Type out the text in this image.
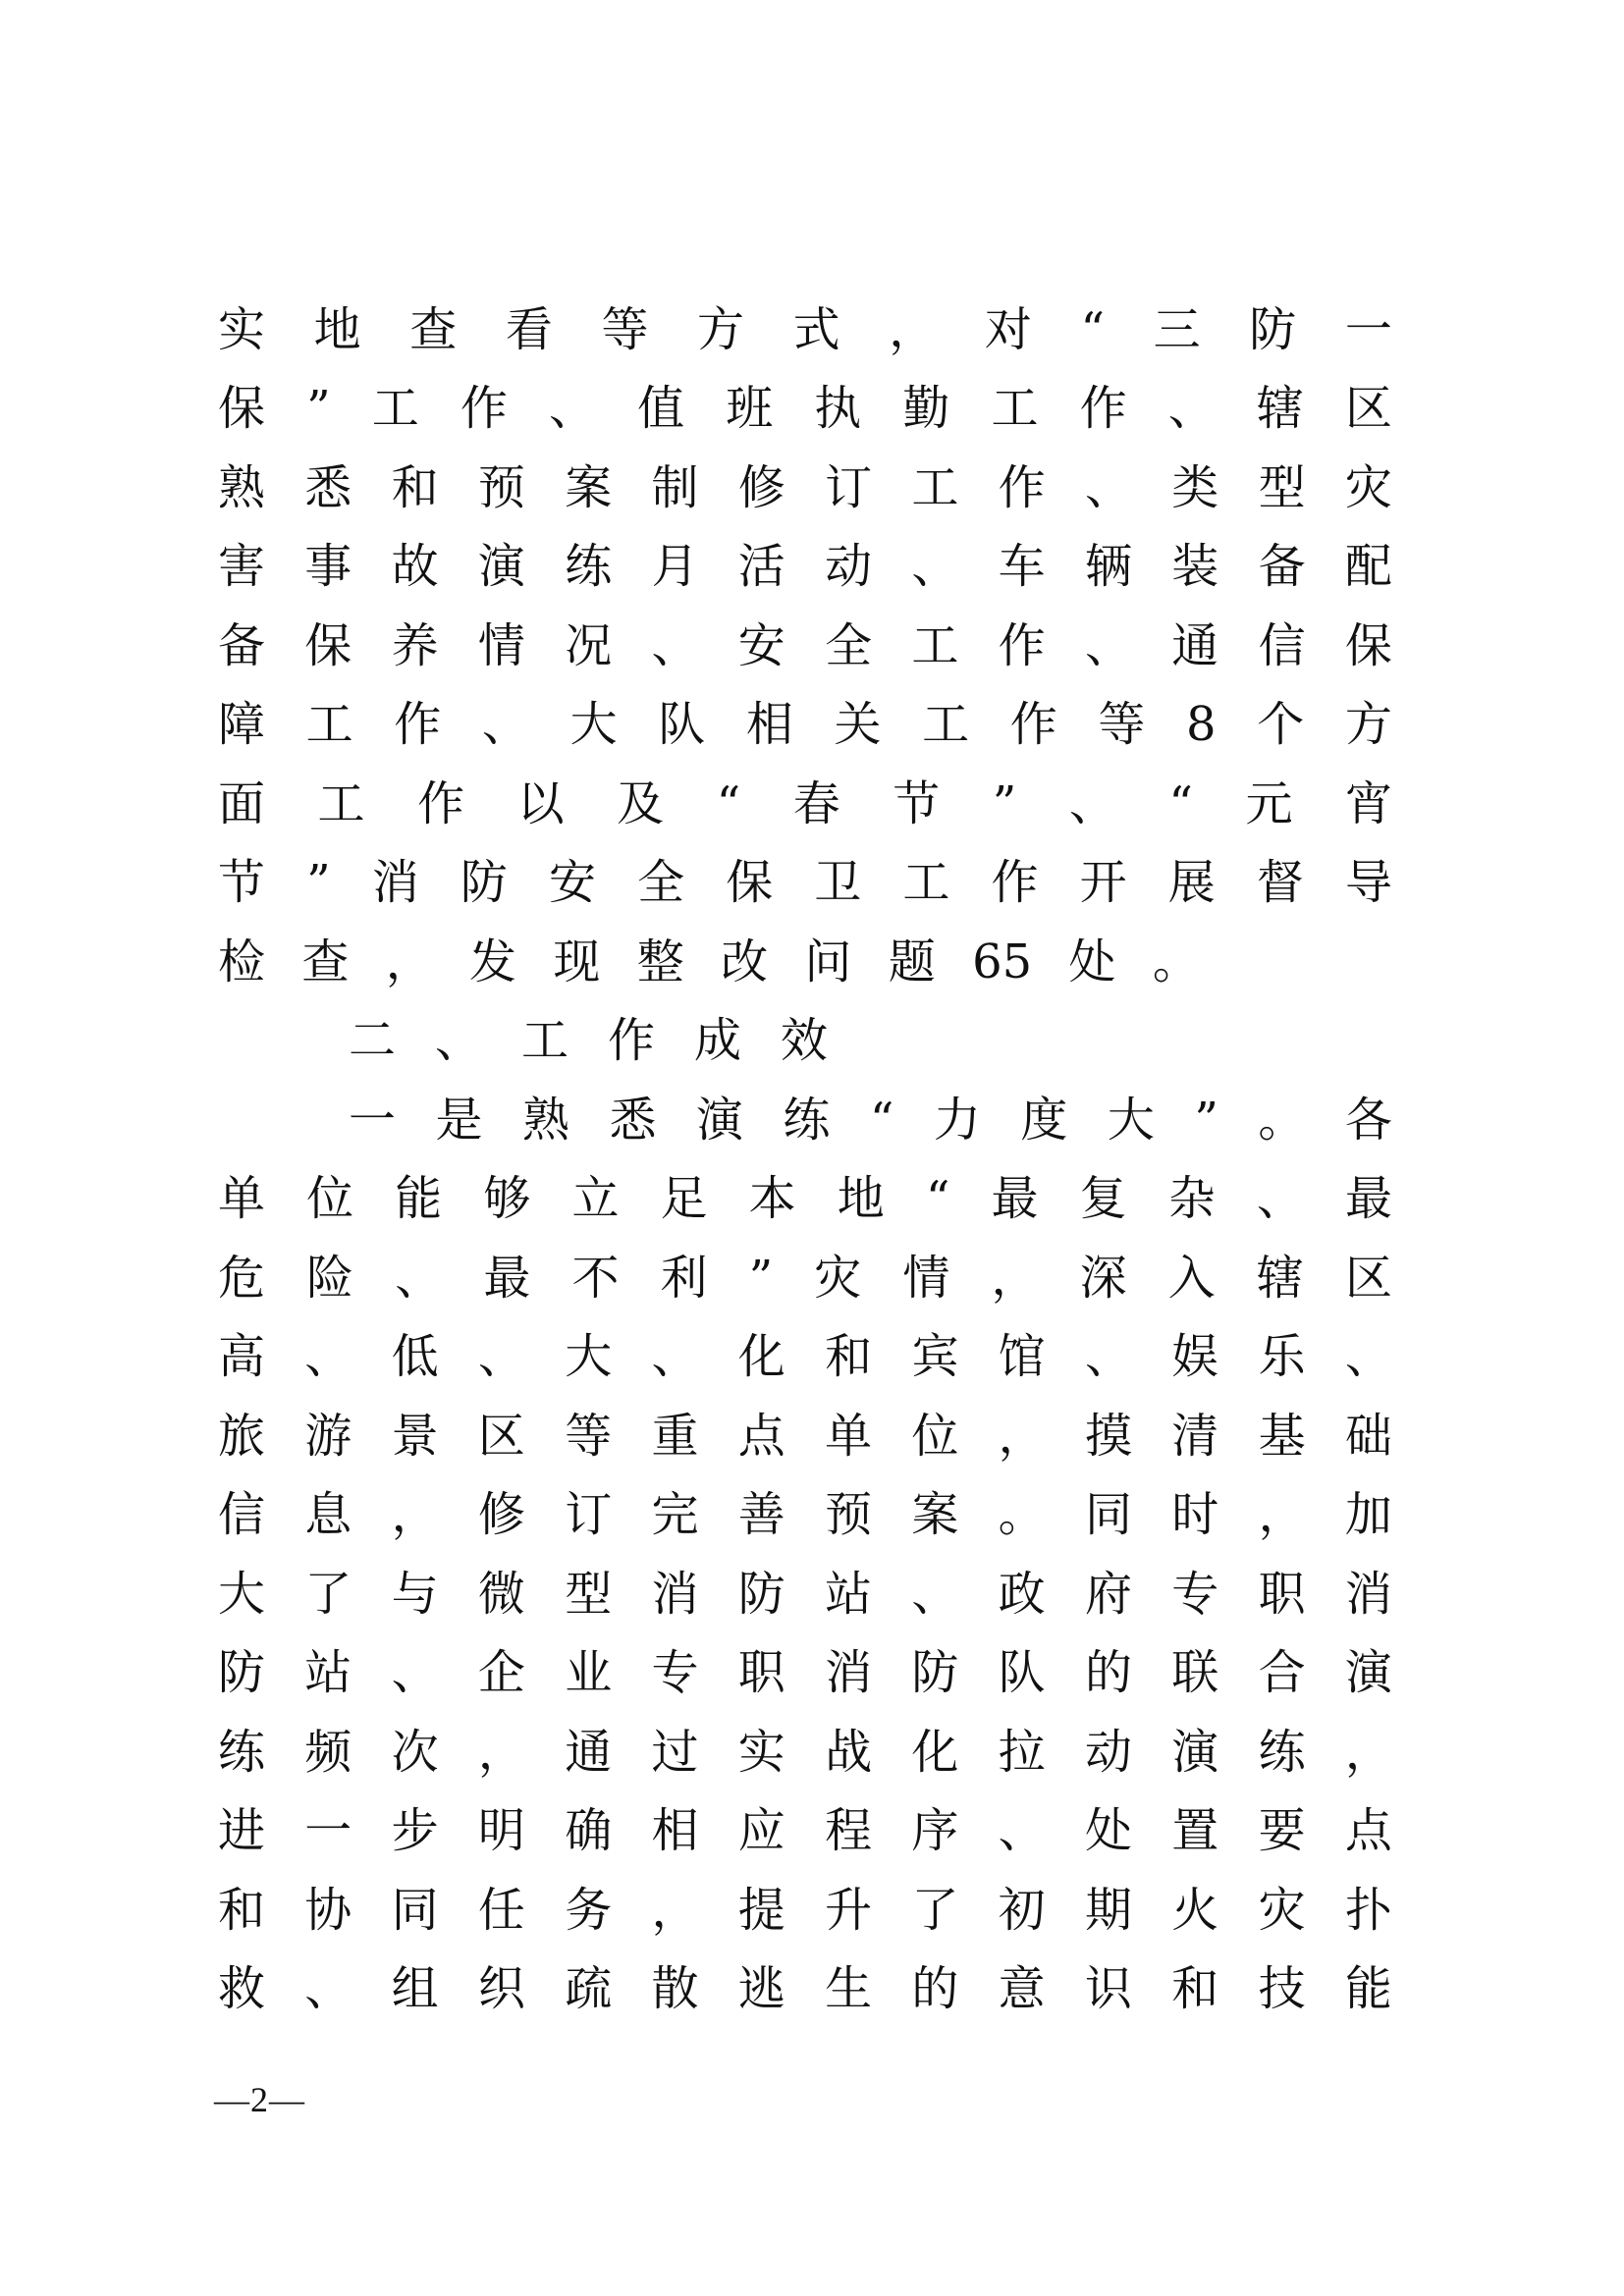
实 地 查 看 等 方 式 ， 对 “ 三 防 一
保 ” 工 作 、 值 班 执 勤 工 作 、 辖 区
熟 悉 和 预 案 制 修 订 工 作 、 类 型 灾
害 事 故 演 练 月 活 动 、 车 辆 装 备 配
备 保 养 情 况 、 安 全 工 作 、 通 信 保
障 工 作 、 大 队 相 关 工 作 等 8 个 方
面 工 作 以 及 “ 春 节 ” 、 “ 元 宵
节 ” 消 防 安 全 保 卫 工 作 开 展 督 导
检 查 ， 发 现 整 改 问 题 65 处 。
二 、 工 作 成 效
一 是 熟 悉 演 练 “ 力 度 大 ” 。 各
单 位 能 够 立 足 本 地 “ 最 复 杂 、 最
危 险 、 最 不 利 ” 灾 情 ， 深 入 辖 区
高 、 低 、 大 、 化 和 宾 馆 、 娱 乐 、
旅 游 景 区 等 重 点 单 位 ， 摸 清 基 础
信 息 ， 修 订 完 善 预 案 。 同 时 ， 加
大 了 与 微 型 消 防 站 、 政 府 专 职 消
防 站 、 企 业 专 职 消 防 队 的 联 合 演
练 频 次 ， 通 过 实 战 化 拉 动 演 练 ，
进 一 步 明 确 相 应 程 序 、 处 置 要 点
和 协 同 任 务 ， 提 升 了 初 期 火 灾 扑
救 、 组 织 疏 散 逃 生 的 意 识 和 技 能
—2—
